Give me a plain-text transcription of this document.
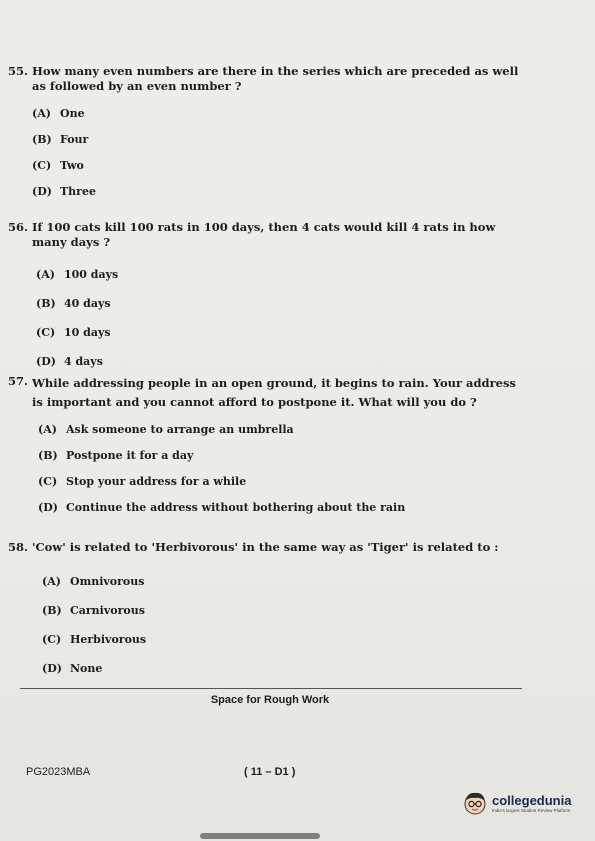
55. How many even numbers are there in the series which are preceded as well as followed by an even number ?
(A) One
(B) Four
(C) Two
(D) Three
56. If 100 cats kill 100 rats in 100 days, then 4 cats would kill 4 rats in how many days ?
(A) 100 days
(B) 40 days
(C) 10 days
(D) 4 days
57. While addressing people in an open ground, it begins to rain. Your address is important and you cannot afford to postpone it. What will you do ?
(A) Ask someone to arrange an umbrella
(B) Postpone it for a day
(C) Stop your address for a while
(D) Continue the address without bothering about the rain
58. 'Cow' is related to 'Herbivorous' in the same way as 'Tiger' is related to :
(A) Omnivorous
(B) Carnivorous
(C) Herbivorous
(D) None
Space for Rough Work
PG2023MBA	( 11 – D1 )
collegedunia
India's largest Student Review Platform
